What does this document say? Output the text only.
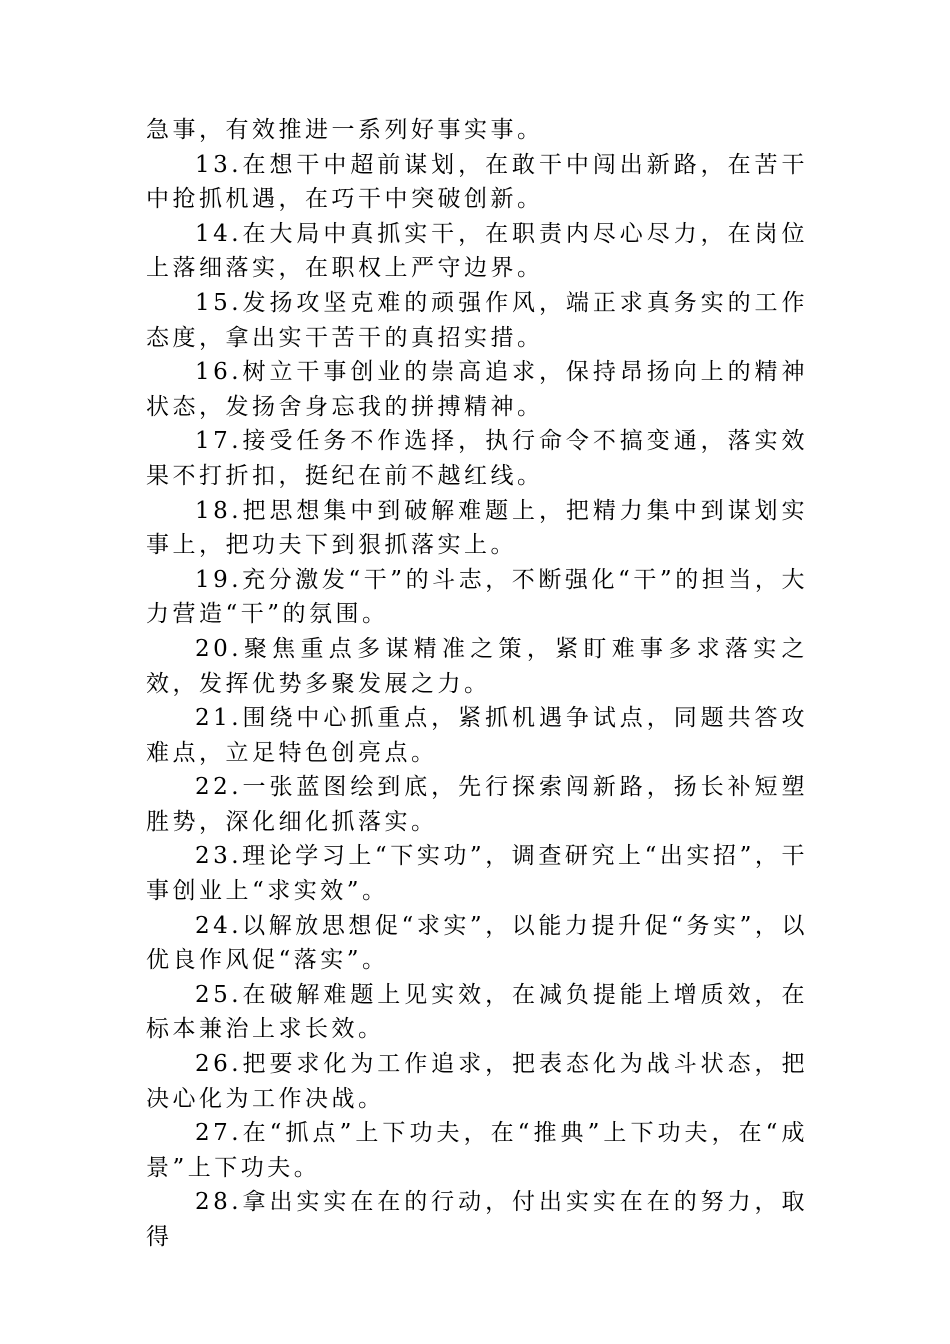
急事，有效推进一系列好事实事。

13.在想干中超前谋划，在敢干中闯出新路，在苦干中抢抓机遇，在巧干中突破创新。

14.在大局中真抓实干，在职责内尽心尽力，在岗位上落细落实，在职权上严守边界。

15.发扬攻坚克难的顽强作风，端正求真务实的工作态度，拿出实干苦干的真招实措。

16.树立干事创业的崇高追求，保持昂扬向上的精神状态，发扬舍身忘我的拼搏精神。

17.接受任务不作选择，执行命令不搞变通，落实效果不打折扣，挺纪在前不越红线。

18.把思想集中到破解难题上，把精力集中到谋划实事上，把功夫下到狠抓落实上。

19.充分激发“干”的斗志，不断强化“干”的担当，大力营造“干”的氛围。

20.聚焦重点多谋精准之策，紧盯难事多求落实之效，发挥优势多聚发展之力。

21.围绕中心抓重点，紧抓机遇争试点，同题共答攻难点，立足特色创亮点。

22.一张蓝图绘到底，先行探索闯新路，扬长补短塑胜势，深化细化抓落实。

23.理论学习上“下实功”，调查研究上“出实招”，干事创业上“求实效”。

24.以解放思想促“求实”，以能力提升促“务实”，以优良作风促“落实”。

25.在破解难题上见实效，在减负提能上增质效，在标本兼治上求长效。

26.把要求化为工作追求，把表态化为战斗状态，把决心化为工作决战。

27.在“抓点”上下功夫，在“推典”上下功夫，在“成景”上下功夫。

28.拿出实实在在的行动，付出实实在在的努力，取得
